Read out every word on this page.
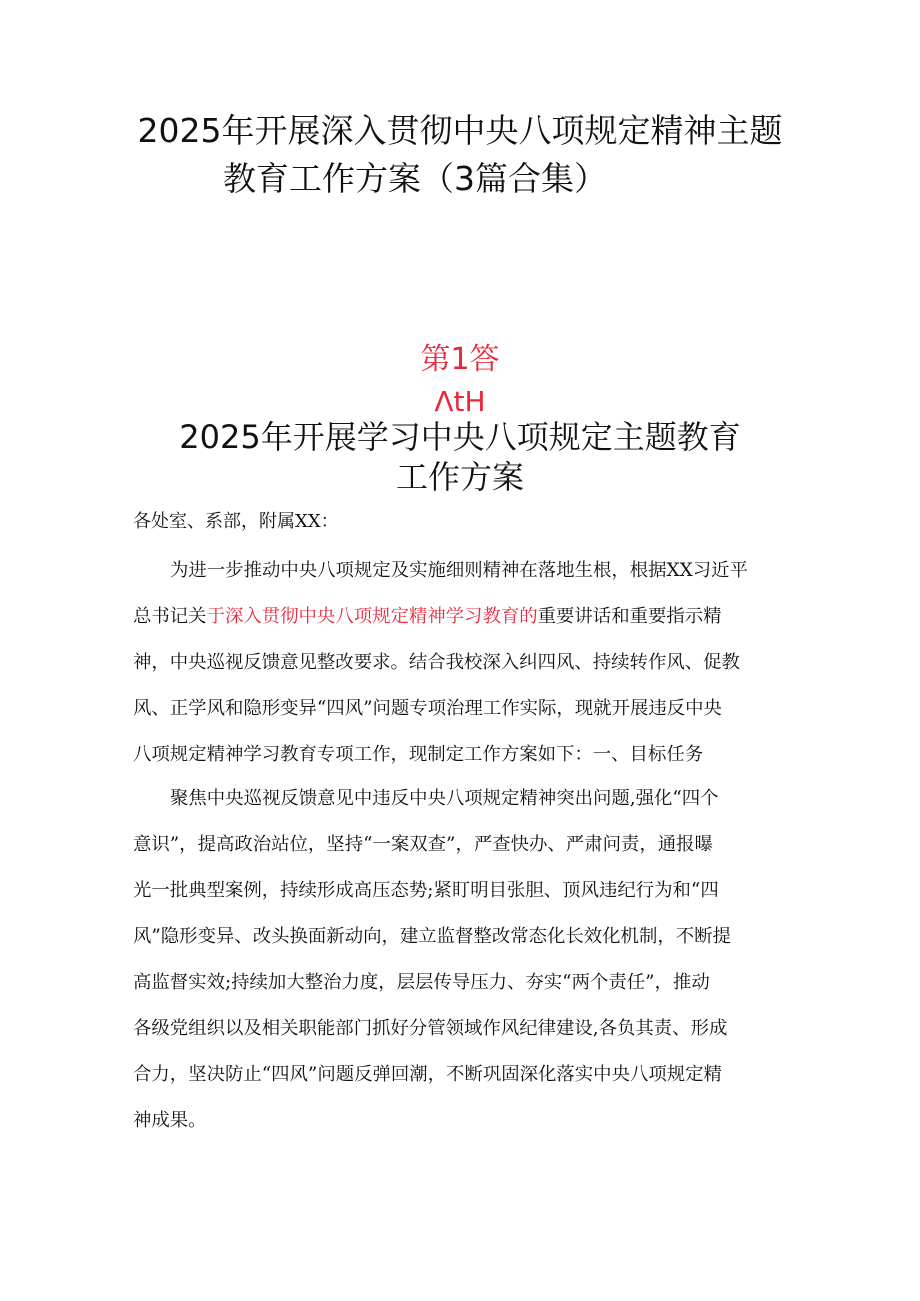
2025年开展深入贯彻中央八项规定精神主题
教育工作方案（3篇合集）
第1答
ΛtH
2025年开展学习中央八项规定主题教育
工作方案
各处室、系部，附属XX：
为进一步推动中央八项规定及实施细则精神在落地生根，根据XX习近平
总书记关于深入贯彻中央八项规定精神学习教育的重要讲话和重要指示精
神，中央巡视反馈意见整改要求。结合我校深入纠四风、持续转作风、促教
风、正学风和隐形变异“四风”问题专项治理工作实际，现就开展违反中央
八项规定精神学习教育专项工作，现制定工作方案如下：一、目标任务
聚焦中央巡视反馈意见中违反中央八项规定精神突出问题,强化“四个
意识”，提高政治站位，坚持“一案双查”，严查快办、严肃问责，通报曝
光一批典型案例，持续形成高压态势;紧盯明目张胆、顶风违纪行为和“四
风”隐形变异、改头换面新动向，建立监督整改常态化长效化机制，不断提
高监督实效;持续加大整治力度，层层传导压力、夯实“两个责任”，推动
各级党组织以及相关职能部门抓好分管领域作风纪律建设,各负其责、形成
合力，坚决防止“四风”问题反弹回潮，不断巩固深化落实中央八项规定精
神成果。
